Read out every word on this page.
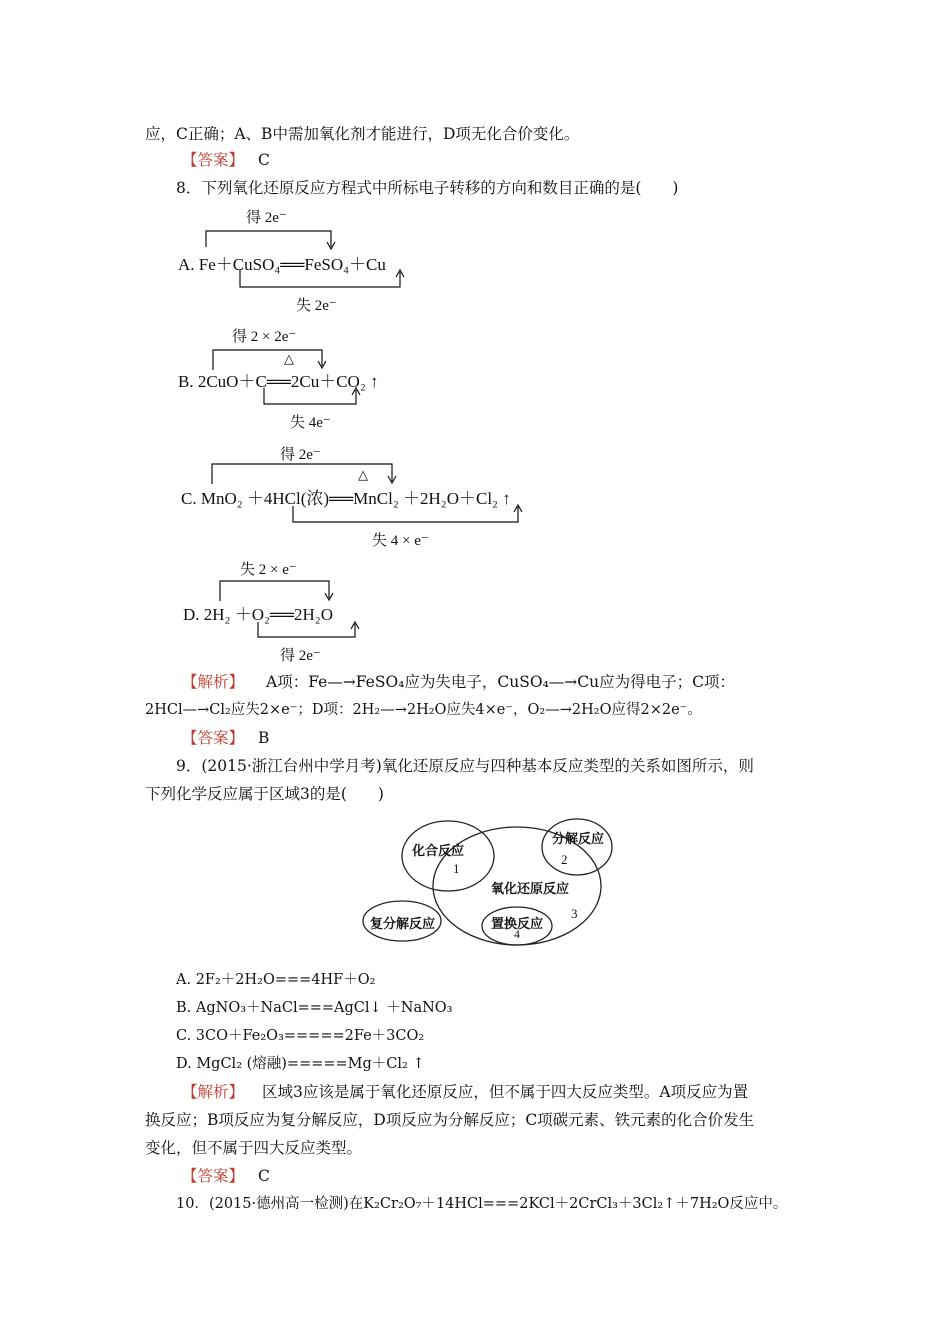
应，C正确；A、B中需加氧化剂才能进行，D项无化合价变化。
【答案】 C
8．下列氧化还原反应方程式中所标电子转移的方向和数目正确的是(　　)
得 2e⁻
A. Fe＋CuSO₄══FeSO₄＋Cu
失 2e⁻
得 2 × 2e⁻
△
B. 2CuO＋C══2Cu＋CO₂ ↑
失 4e⁻
得 2e⁻
△
C. MnO₂ ＋4HCl(浓)══MnCl₂ ＋2H₂O＋Cl₂ ↑
失 4 × e⁻
失 2 × e⁻
D. 2H₂ ＋O₂══2H₂O
得 2e⁻
【解析】 A项：Fe—→FeSO₄应为失电子，CuSO₄—→Cu应为得电子；C项：
2HCl—→Cl₂应失2×e⁻；D项：2H₂—→2H₂O应失4×e⁻，O₂—→2H₂O应得2×2e⁻。
【答案】 B
9．(2015·浙江台州中学月考)氧化还原反应与四种基本反应类型的关系如图所示，则
下列化学反应属于区域3的是(　　)
化合反应
1
分解反应
2
氧化还原反应
3
复分解反应	置换反应
4
A. 2F₂＋2H₂O===4HF＋O₂
B. AgNO₃＋NaCl===AgCl↓ ＋NaNO₃
C. 3CO＋Fe₂O₃=====2Fe＋3CO₂
D. MgCl₂ (熔融)=====Mg＋Cl₂ ↑
【解析】 区域3应该是属于氧化还原反应，但不属于四大反应类型。A项反应为置
换反应；B项反应为复分解反应，D项反应为分解反应；C项碳元素、铁元素的化合价发生
变化，但不属于四大反应类型。
【答案】 C
10．(2015·德州高一检测)在K₂Cr₂O₇＋14HCl===2KCl＋2CrCl₃＋3Cl₂↑＋7H₂O反应中。
